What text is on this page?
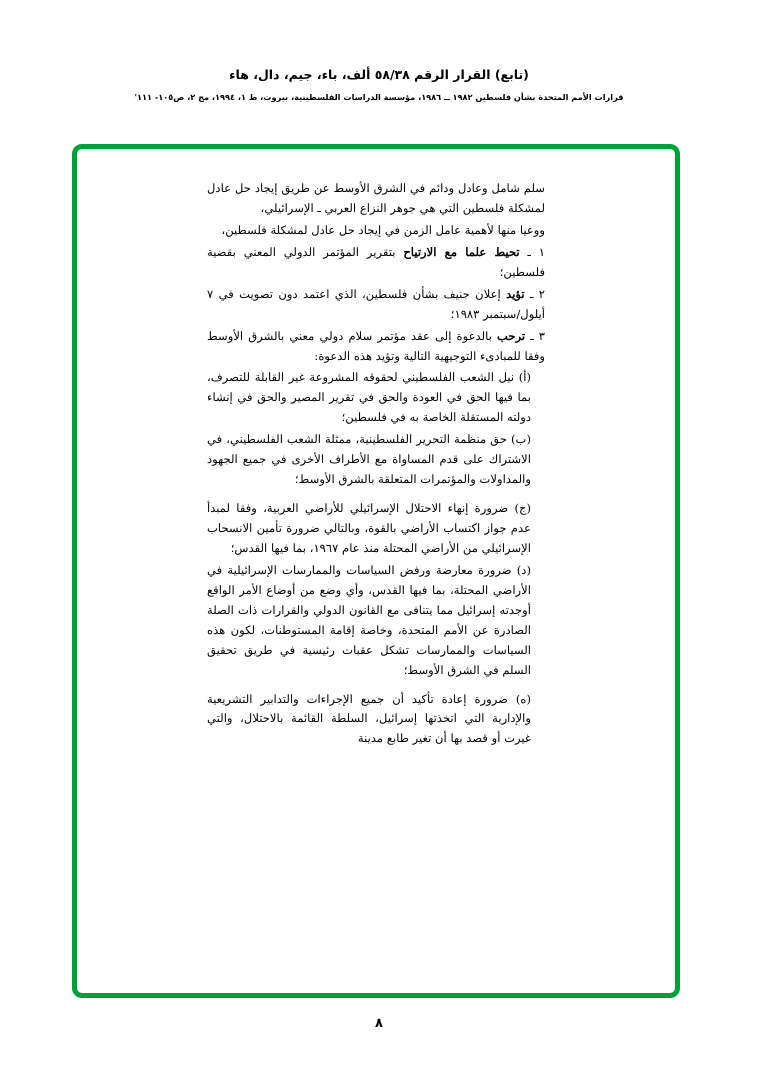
(تابع) القرار الرقم ٥٨/٣٨ ألف، باء، جيم، دال، هاء
قرارات الأمم المتحدة بشأن فلسطين ١٩٨٢ ــ ١٩٨٦، مؤسسة الدراسات الفلسطينية، بيروت، ط ١، ١٩٩٤، مج ٢، ص١٠٥- ١١١'

سلم شامل وعادل ودائم في الشرق الأوسط عن طريق إيجاد حل عادل لمشكلة فلسطين التي هي جوهر النزاع العربي ـ الإسرائيلي،

ووعيا منها لأهمية عامل الزمن في إيجاد حل عادل لمشكلة فلسطين،

١ ـ تحيط علما مع الارتياح بتقرير المؤتمر الدولي المعني بقضية فلسطين؛

٢ ـ تؤيد إعلان جنيف بشأن فلسطين، الذي اعتمد دون تصويت في ٧ أيلول/سبتمبر ١٩٨٣؛

٣ ـ ترحب بالدعوة إلى عقد مؤتمر سلام دولي معني بالشرق الأوسط وفقا للمبادىء التوجيهية التالية وتؤيد هذه الدعوة:

(أ) نيل الشعب الفلسطيني لحقوقه المشروعة غير القابلة للتصرف، بما فيها الحق في العودة والحق في تقرير المصير والحق في إنشاء دولته المستقلة الخاصة به في فلسطين؛

(ب) حق منظمة التحرير الفلسطينية، ممثلة الشعب الفلسطيني، في الاشتراك على قدم المساواة مع الأطراف الأخرى في جميع الجهود والمداولات والمؤتمرات المتعلقة بالشرق الأوسط؛

(ج) ضرورة إنهاء الاحتلال الإسرائيلي للأراضي العربية، وفقا لمبدأ عدم جواز اكتساب الأراضي بالقوة، وبالتالي ضرورة تأمين الانسحاب الإسرائيلي من الأراضي المحتلة منذ عام ١٩٦٧، بما فيها القدس؛

(د) ضرورة معارضة ورفض السياسات والممارسات الإسرائيلية في الأراضي المحتلة، بما فيها القدس، وأي وضع من أوضاع الأمر الواقع أوجدته إسرائيل مما يتنافى مع القانون الدولي والقرارات ذات الصلة الصادرة عن الأمم المتحدة، وخاصة إقامة المستوطنات، لكون هذه السياسات والممارسات تشكل عقبات رئيسية في طريق تحقيق السلم في الشرق الأوسط؛

(ه) ضرورة إعادة تأكيد أن جميع الإجراءات والتدابير التشريعية والإدارية التي اتخذتها إسرائيل، السلطة القائمة بالاحتلال، والتي غيرت أو قصد بها أن تغير طابع مدينة

٨
